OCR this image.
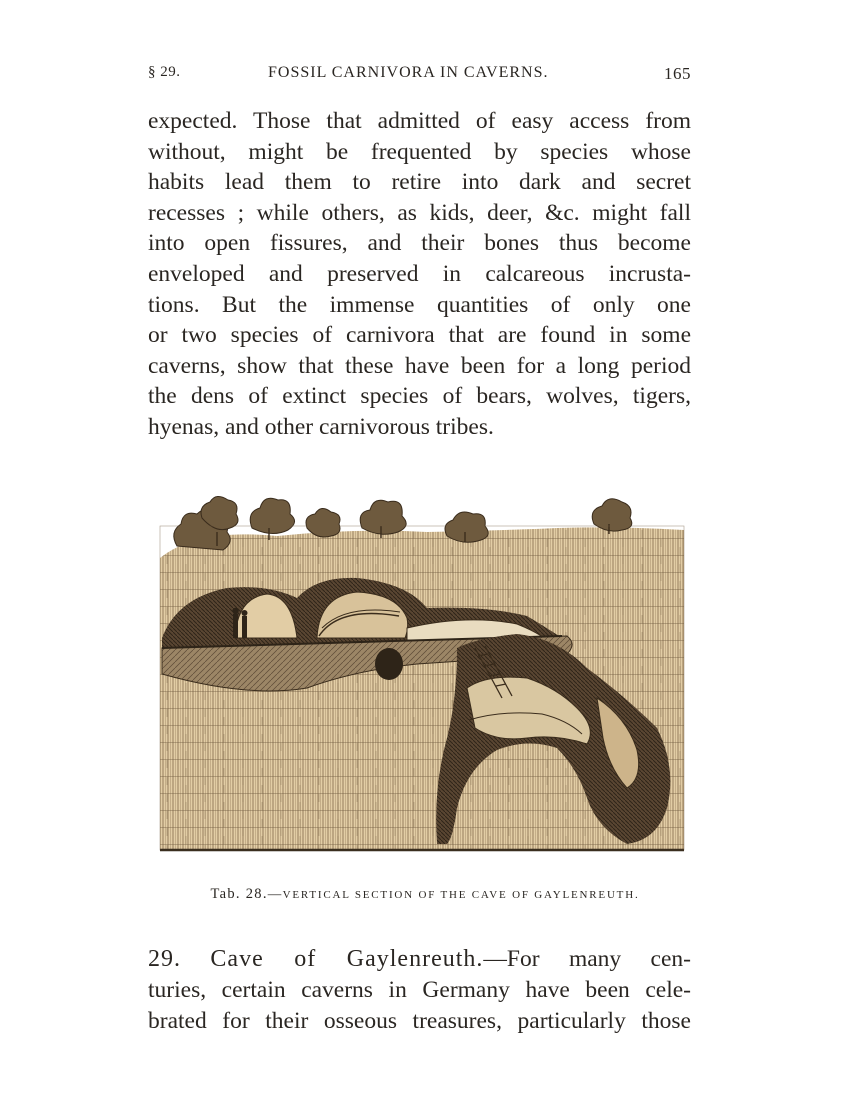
§ 29.	FOSSIL CARNIVORA IN CAVERNS.	165
expected. Those that admitted of easy access from
without, might be frequented by species whose
habits lead them to retire into dark and secret
recesses ; while others, as kids, deer, &c. might fall
into open fissures, and their bones thus become
enveloped and preserved in calcareous incrusta-
tions. But the immense quantities of only one
or two species of carnivora that are found in some
caverns, show that these have been for a long period
the dens of extinct species of bears, wolves, tigers,
hyenas, and other carnivorous tribes.
Tab. 28.—VERTICAL SECTION OF THE CAVE OF GAYLENREUTH.
29. Cave of Gaylenreuth.—For many cen-
turies, certain caverns in Germany have been cele-
brated for their osseous treasures, particularly those
